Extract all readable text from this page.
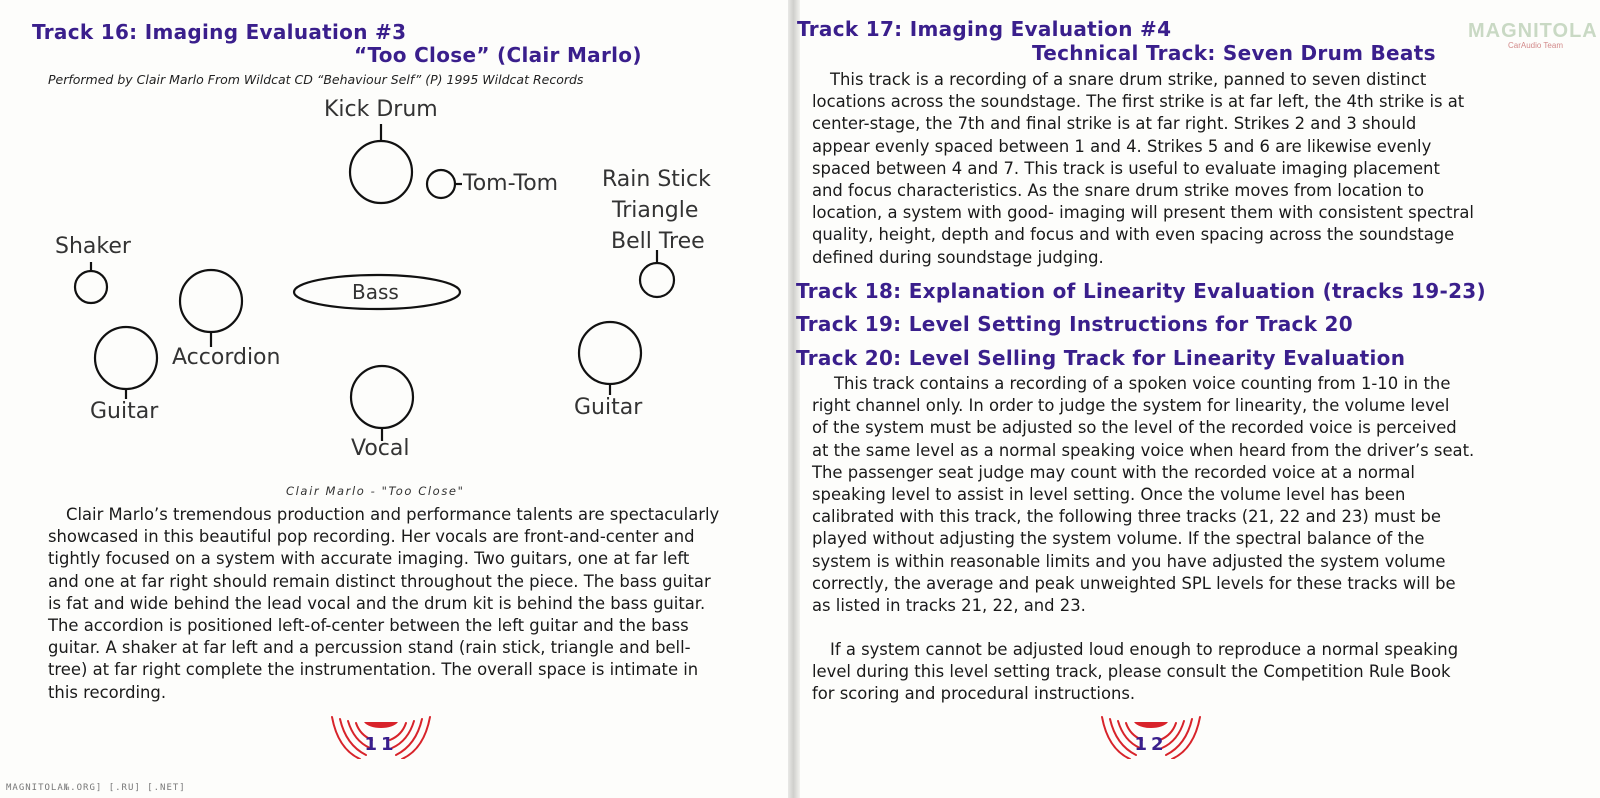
Track 16: Imaging Evaluation #3
“Too Close” (Clair Marlo)
Performed by Clair Marlo From Wildcat CD “Behaviour Self” (P) 1995 Wildcat Records
Kick Drum
Tom-Tom Rain Stick
Triangle
Bell Tree
Shaker
Bass
Accordion
Guitar	Guitar
Vocal
Clair Marlo - "Too Close"
Clair Marlo’s tremendous production and performance talents are spectacularly
showcased in this beautiful pop recording. Her vocals are front-and-center and
tightly focused on a system with accurate imaging. Two guitars, one at far left
and one at far right should remain distinct throughout the piece. The bass guitar
is fat and wide behind the lead vocal and the drum kit is behind the bass guitar.
The accordion is positioned left-of-center between the left guitar and the bass
guitar. A shaker at far left and a percussion stand (rain stick, triangle and bell-
tree) at far right complete the instrumentation. The overall space is intimate in
this recording.
11
Track 17: Imaging Evaluation #4
Technical Track: Seven Drum Beats
This track is a recording of a snare drum strike, panned to seven distinct
locations across the soundstage. The first strike is at far left, the 4th strike is at
center-stage, the 7th and final strike is at far right. Strikes 2 and 3 should
appear evenly spaced between 1 and 4. Strikes 5 and 6 are likewise evenly
spaced between 4 and 7. This track is useful to evaluate imaging placement
and focus characteristics. As the snare drum strike moves from location to
location, a system with good- imaging will present them with consistent spectral
quality, height, depth and focus and with even spacing across the soundstage
defined during soundstage judging.
Track 18: Explanation of Linearity Evaluation (tracks 19-23)
Track 19: Level Setting Instructions for Track 20
Track 20: Level Selling Track for Linearity Evaluation
This track contains a recording of a spoken voice counting from 1-10 in the
right channel only. In order to judge the system for linearity, the volume level
of the system must be adjusted so the level of the recorded voice is perceived
at the same level as a normal speaking voice when heard from the driver’s seat.
The passenger seat judge may count with the recorded voice at a normal
speaking level to assist in level setting. Once the volume level has been
calibrated with this track, the following three tracks (21, 22 and 23) must be
played without adjusting the system volume. If the spectral balance of the
system is within reasonable limits and you have adjusted the system volume
correctly, the average and peak unweighted SPL levels for these tracks will be
as listed in tracks 21, 22, and 23.
If a system cannot be adjusted loud enough to reproduce a normal speaking
level during this level setting track, please consult the Competition Rule Book
for scoring and procedural instructions.
12
MAGNITOLA
CarAudio Team
MAGNITOLA№.ORG] [.RU] [.NET]
